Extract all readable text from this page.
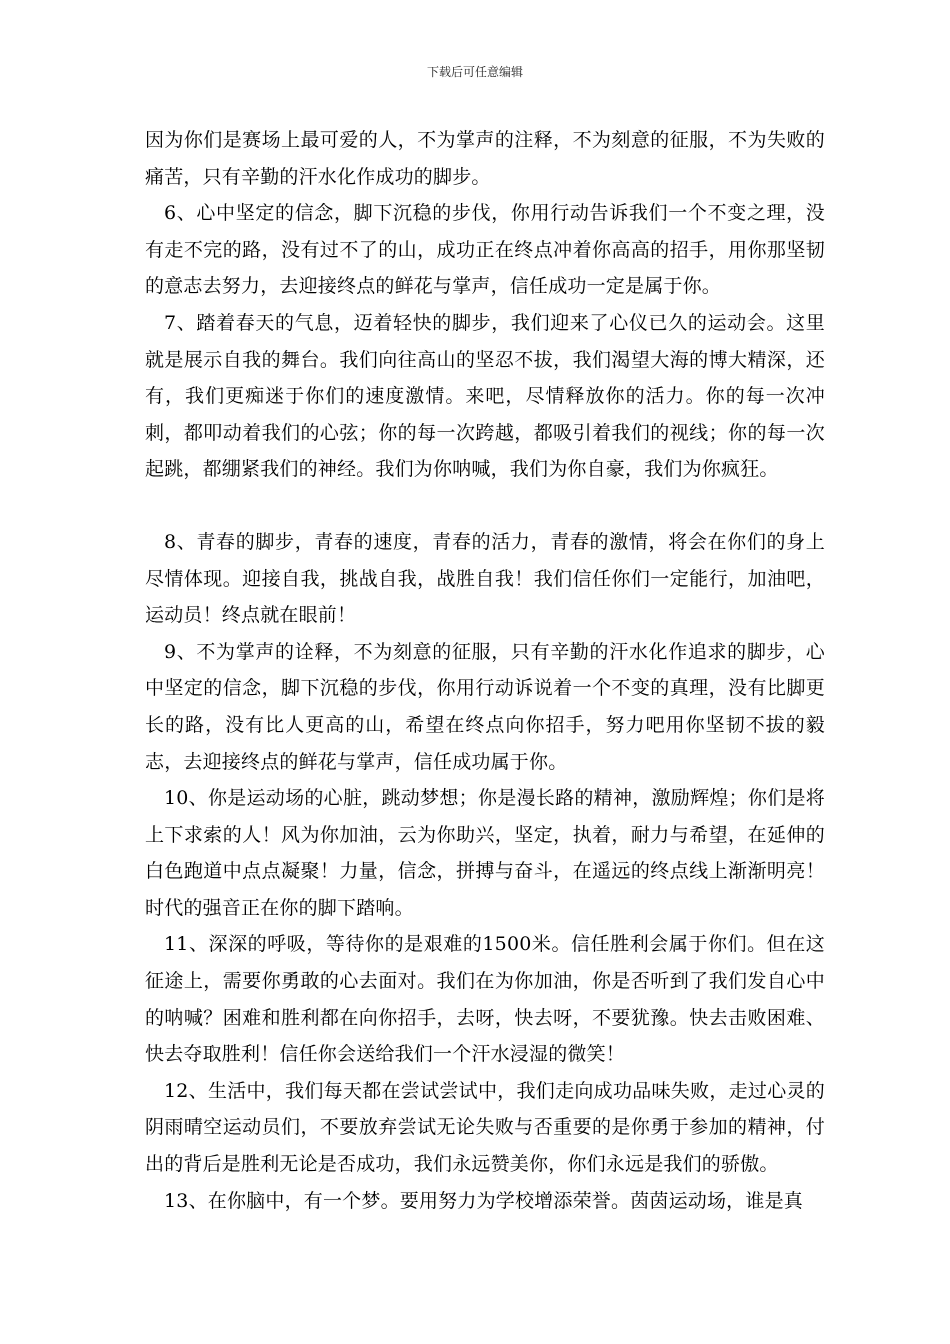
下载后可任意编辑

因为你们是赛场上最可爱的人，不为掌声的注释，不为刻意的征服，不为失败的痛苦，只有辛勤的汗水化作成功的脚步。

6、心中坚定的信念，脚下沉稳的步伐，你用行动告诉我们一个不变之理，没有走不完的路，没有过不了的山，成功正在终点冲着你高高的招手，用你那坚韧的意志去努力，去迎接终点的鲜花与掌声，信任成功一定是属于你。

7、踏着春天的气息，迈着轻快的脚步，我们迎来了心仪已久的运动会。这里就是展示自我的舞台。我们向往高山的坚忍不拔，我们渴望大海的博大精深，还有，我们更痴迷于你们的速度激情。来吧，尽情释放你的活力。你的每一次冲刺，都叩动着我们的心弦；你的每一次跨越，都吸引着我们的视线；你的每一次起跳，都绷紧我们的神经。我们为你呐喊，我们为你自豪，我们为你疯狂。

8、青春的脚步，青春的速度，青春的活力，青春的激情，将会在你们的身上尽情体现。迎接自我，挑战自我，战胜自我！我们信任你们一定能行，加油吧，运动员！终点就在眼前！

9、不为掌声的诠释，不为刻意的征服，只有辛勤的汗水化作追求的脚步，心中坚定的信念，脚下沉稳的步伐，你用行动诉说着一个不变的真理，没有比脚更长的路，没有比人更高的山，希望在终点向你招手，努力吧用你坚韧不拔的毅志，去迎接终点的鲜花与掌声，信任成功属于你。

10、你是运动场的心脏，跳动梦想；你是漫长路的精神，激励辉煌；你们是将上下求索的人！风为你加油，云为你助兴，坚定，执着，耐力与希望，在延伸的白色跑道中点点凝聚！力量，信念，拼搏与奋斗，在遥远的终点线上渐渐明亮！时代的强音正在你的脚下踏响。

11、深深的呼吸，等待你的是艰难的1500米。信任胜利会属于你们。但在这征途上，需要你勇敢的心去面对。我们在为你加油，你是否听到了我们发自心中的呐喊？困难和胜利都在向你招手，去呀，快去呀，不要犹豫。快去击败困难、快去夺取胜利！信任你会送给我们一个汗水浸湿的微笑！

12、生活中，我们每天都在尝试尝试中，我们走向成功品味失败，走过心灵的阴雨晴空运动员们，不要放弃尝试无论失败与否重要的是你勇于参加的精神，付出的背后是胜利无论是否成功，我们永远赞美你，你们永远是我们的骄傲。

13、在你脑中，有一个梦。要用努力为学校增添荣誉。茵茵运动场，谁是真
